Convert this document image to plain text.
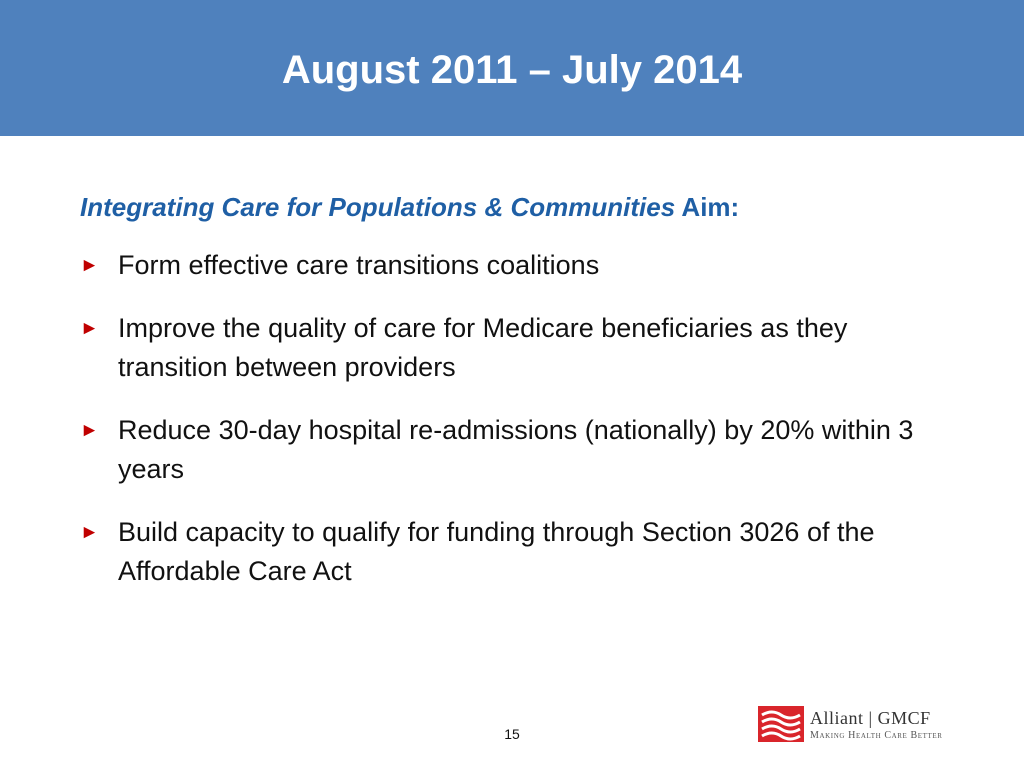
August 2011 – July 2014
Integrating Care for Populations & Communities Aim:
► Form effective care transitions coalitions
► Improve the quality of care for Medicare beneficiaries as they transition between providers
► Reduce 30-day hospital re-admissions (nationally) by 20% within 3 years
► Build capacity to qualify for funding through Section 3026 of the Affordable Care Act
15
Alliant | GMCF
Making Health Care Better
